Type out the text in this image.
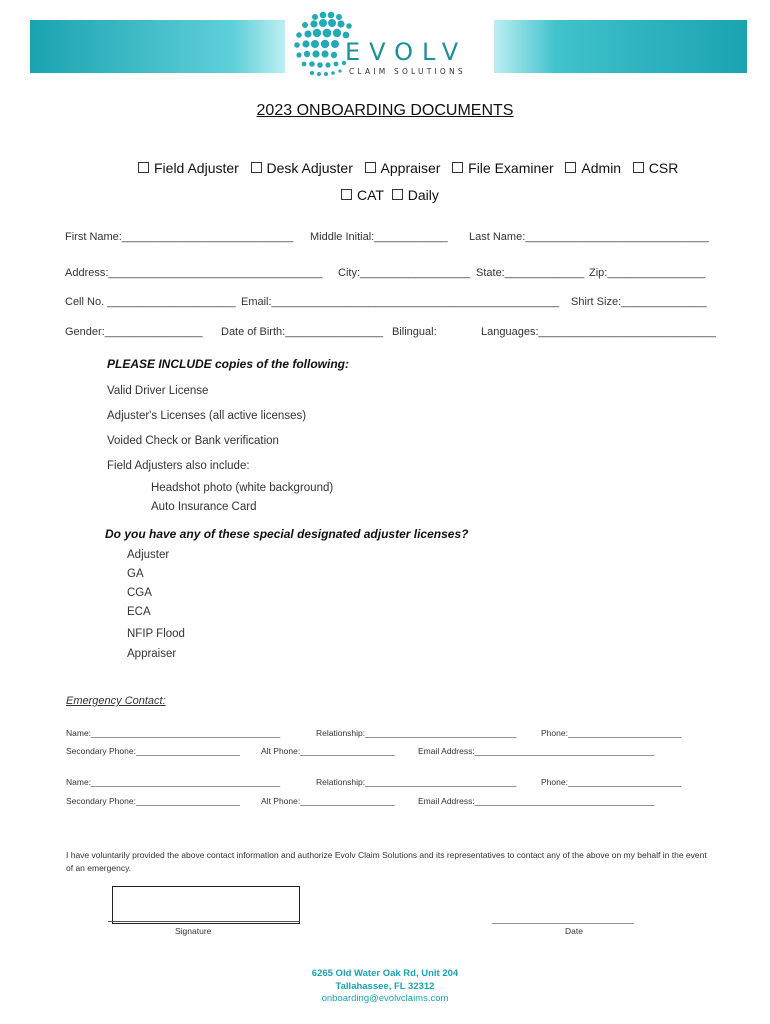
EVOLV
CLAIM SOLUTIONS
2023 ONBOARDING DOCUMENTS
Field Adjuster Desk Adjuster Appraiser File Examiner Admin CSR
CAT Daily
First Name:____________________________ Middle Initial:____________ Last Name:______________________________
Address:___________________________________ City:__________________ State:_____________ Zip:________________
Cell No. _____________________ Email:_______________________________________________ Shirt Size:______________
Gender:________________ Date of Birth:________________ Bilingual:	Languages:_____________________________
PLEASE INCLUDE copies of the following:
Valid Driver License
Adjuster's Licenses (all active licenses)
Voided Check or Bank verification
Field Adjusters also include:
Headshot photo (white background)
Auto Insurance Card
Do you have any of these special designated adjuster licenses?
Adjuster
GA
CGA
ECA
NFIP Flood
Appraiser
Emergency Contact:
Name:________________________________________	Relationship:________________________________	Phone:________________________
Secondary Phone:______________________ Alt Phone:____________________	Email Address:______________________________________
Name:________________________________________	Relationship:________________________________	Phone:________________________
Secondary Phone:______________________ Alt Phone:____________________	Email Address:______________________________________
I have voluntarily provided the above contact information and authorize Evolv Claim Solutions and its representatives to contact any of the above on my behalf in the event of an emergency.
Signature
______________________________
Date
6265 Old Water Oak Rd, Unit 204
Tallahassee, FL 32312
onboarding@evolvclaims.com
